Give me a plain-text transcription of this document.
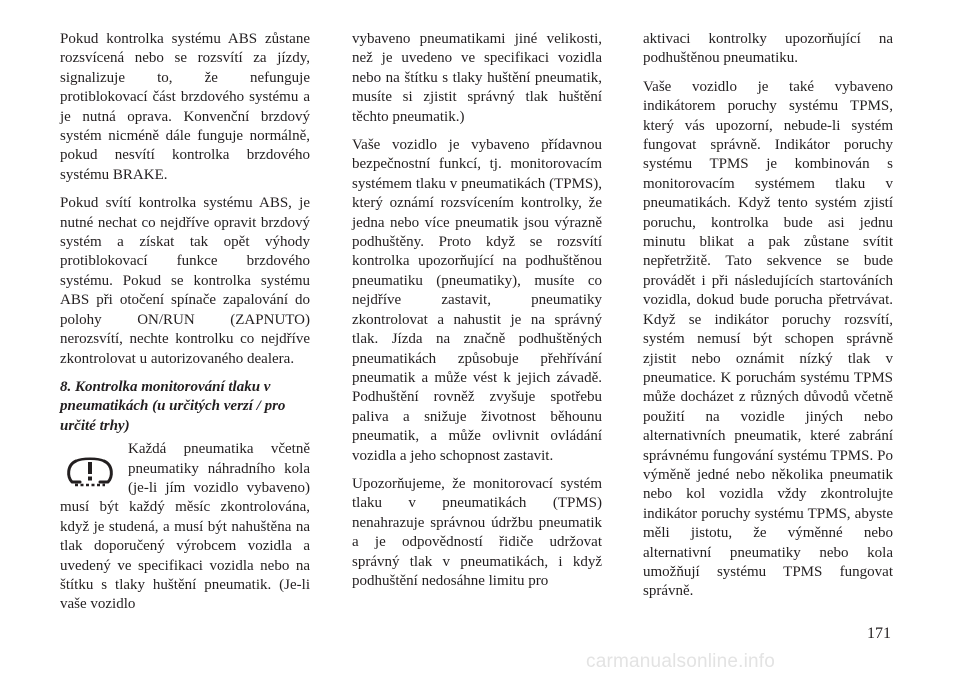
Pokud kontrolka systému ABS zůstane rozsvícená nebo se rozsvítí za jízdy, signalizuje to, že nefunguje protiblokovací část brzdového systému a je nutná oprava. Konvenční brzdový systém nicméně dále funguje normálně, pokud nesvítí kontrolka brzdového systému BRAKE.

Pokud svítí kontrolka systému ABS, je nutné nechat co nejdříve opravit brzdový systém a získat tak opět výhody protiblokovací funkce brzdového systému. Pokud se kontrolka systému ABS při otočení spínače zapalování do polohy ON/RUN (ZAPNUTO) nerozsvítí, nechte kontrolku co nejdříve zkontrolovat u autorizovaného dealera.

8. Kontrolka monitorování tlaku v pneumatikách (u určitých verzí / pro určité trhy)

Každá pneumatika včetně pneumatiky náhradního kola (je-li jím vozidlo vybaveno) musí být každý měsíc zkontrolována, když je studená, a musí být nahuštěna na tlak doporučený výrobcem vozidla a uvedený ve specifikaci vozidla nebo na štítku s tlaky huštění pneumatik. (Je-li vaše vozidlo

vybaveno pneumatikami jiné velikosti, než je uvedeno ve specifikaci vozidla nebo na štítku s tlaky huštění pneumatik, musíte si zjistit správný tlak huštění těchto pneumatik.)

Vaše vozidlo je vybaveno přídavnou bezpečnostní funkcí, tj. monitorovacím systémem tlaku v pneumatikách (TPMS), který oznámí rozsvícením kontrolky, že jedna nebo více pneumatik jsou výrazně podhuštěny. Proto když se rozsvítí kontrolka upozorňující na podhuštěnou pneumatiku (pneumatiky), musíte co nejdříve zastavit, pneumatiky zkontrolovat a nahustit je na správný tlak. Jízda na značně podhuštěných pneumatikách způsobuje přehřívání pneumatik a může vést k jejich závadě. Podhuštění rovněž zvyšuje spotřebu paliva a snižuje životnost běhounu pneumatik, a může ovlivnit ovládání vozidla a jeho schopnost zastavit.

Upozorňujeme, že monitorovací systém tlaku v pneumatikách (TPMS) nenahrazuje správnou údržbu pneumatik a je odpovědností řidiče udržovat správný tlak v pneumatikách, i když podhuštění nedosáhne limitu pro

aktivaci kontrolky upozorňující na podhuštěnou pneumatiku.

Vaše vozidlo je také vybaveno indikátorem poruchy systému TPMS, který vás upozorní, nebude-li systém fungovat správně. Indikátor poruchy systému TPMS je kombinován s monitorovacím systémem tlaku v pneumatikách. Když tento systém zjistí poruchu, kontrolka bude asi jednu minutu blikat a pak zůstane svítit nepřetržitě. Tato sekvence se bude provádět i při následujících startováních vozidla, dokud bude porucha přetrvávat. Když se indikátor poruchy rozsvítí, systém nemusí být schopen správně zjistit nebo oznámit nízký tlak v pneumatice. K poruchám systému TPMS může docházet z různých důvodů včetně použití na vozidle jiných nebo alternativních pneumatik, které zabrání správnému fungování systému TPMS. Po výměně jedné nebo několika pneumatik nebo kol vozidla vždy zkontrolujte indikátor poruchy systému TPMS, abyste měli jistotu, že výměnné nebo alternativní pneumatiky nebo kola umožňují systému TPMS fungovat správně.

171
carmanualsonline.info
